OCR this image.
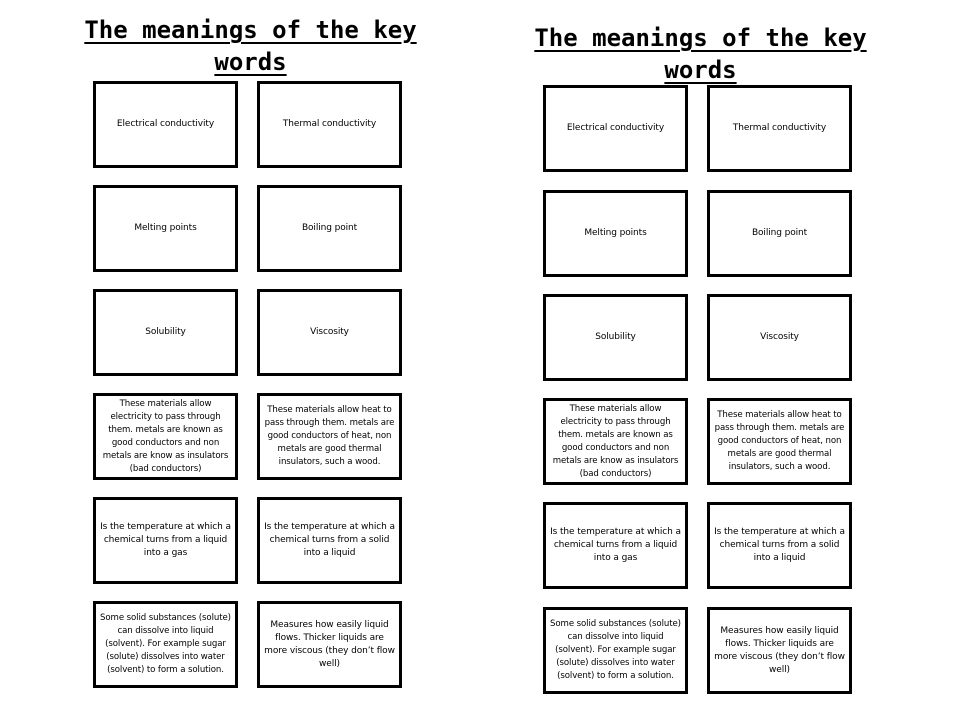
The meanings of the key words
Electrical conductivity	Thermal conductivity
Melting points	Boiling point
Solubility	Viscosity
These materials allow electricity to pass through them. metals are known as good conductors and non metals are know as insulators (bad conductors)
These materials allow heat to pass through them. metals are good conductors of heat, non metals are good thermal insulators, such a wood.
Is the temperature at which a chemical turns from a liquid into a gas
Is the temperature at which a chemical turns from a solid into a liquid
Some solid substances (solute) can dissolve into liquid (solvent). For example sugar (solute) dissolves into water (solvent) to form a solution.
Measures how easily liquid flows. Thicker liquids are more viscous (they don’t flow well)
The meanings of the key words
Electrical conductivity	Thermal conductivity
Melting points	Boiling point
Solubility	Viscosity
These materials allow electricity to pass through them. metals are known as good conductors and non metals are know as insulators (bad conductors)
These materials allow heat to pass through them. metals are good conductors of heat, non metals are good thermal insulators, such a wood.
Is the temperature at which a chemical turns from a liquid into a gas
Is the temperature at which a chemical turns from a solid into a liquid
Some solid substances (solute) can dissolve into liquid (solvent). For example sugar (solute) dissolves into water (solvent) to form a solution.
Measures how easily liquid flows. Thicker liquids are more viscous (they don’t flow well)
